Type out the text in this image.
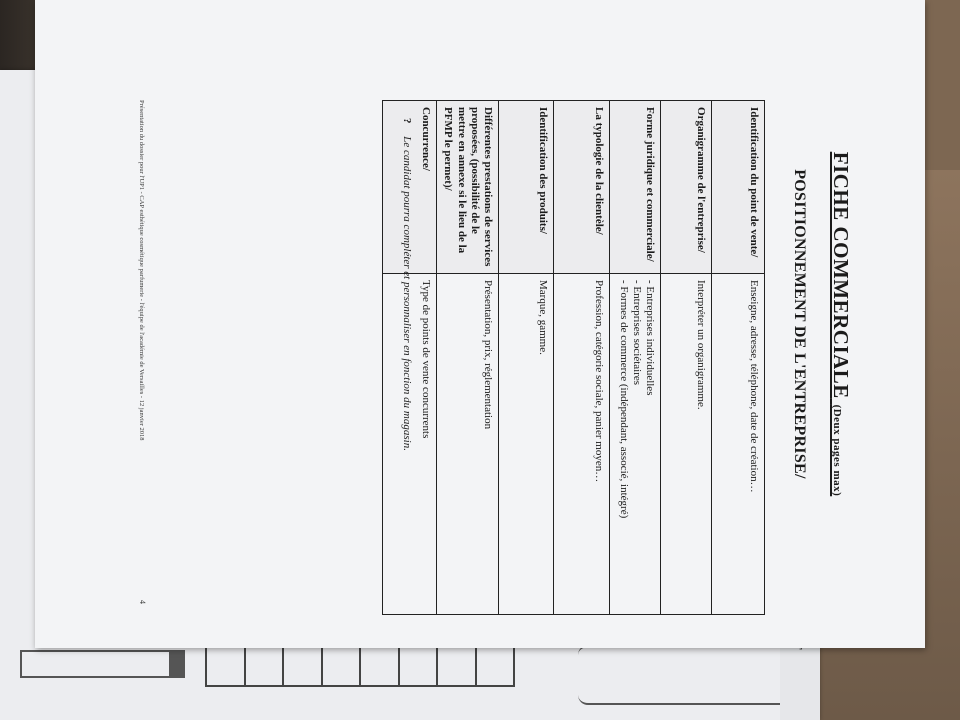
FICHE COMMERCIALE (Deux pages max)
POSITIONNEMENT DE L'ENTREPRISE/
Identification du point de vente/	Enseigne, adresse, téléphone, date de création…

Organigramme de l'entreprise/	Interpréter un organigramme.

Forme juridique et commerciale/	- Entreprises individuelles
- Entreprises sociétaires
- Formes de commerce (indépendant, associé, intégré)

La typologie de la clientèle/	Profession, catégorie sociale, panier moyen…

Identification des produits/	Marque, gamme.

Différentes prestations de services proposées, (possibilité de le mettre en annexe si le lieu de la PFMP le permet)/	Présentation, prix, réglementation

Concurrence/	Type de points de vente concurrents
? Le candidat pourra compléter et personnaliser en fonction du magasin.
Présentation du dossier pour l'UP1 - CAP esthétique cosmétique parfumerie - l'équipe de l'académie de Versailles - 12 janvier 2018
4
